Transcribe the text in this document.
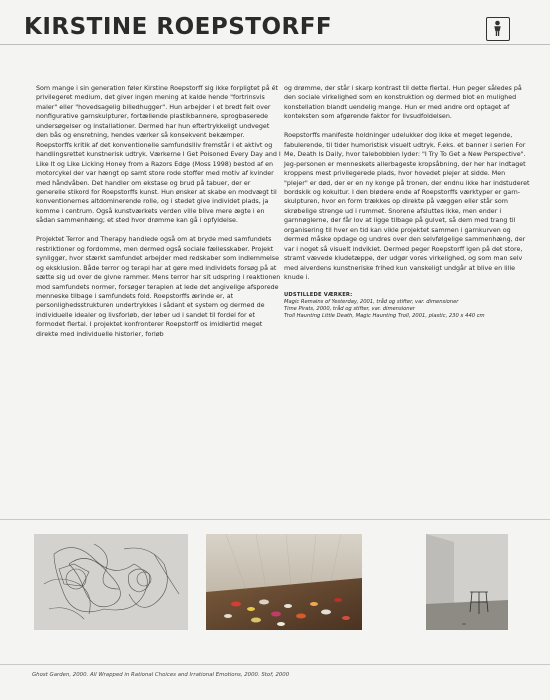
KIRSTINE ROEPSTORFF

Som mange i sin generation føler Kirstine Roepstorff sig ikke forpligtet på ét privilegeret medium, det giver ingen mening at kalde hende "fortrinsvis maler" eller "hovedsagelig billedhugger". Hun arbejder i et bredt felt over nonfigurative garnskulpturer, fortællende plastikbannere, sprogbaserede undersøgelser og installationer. Dermed har hun eftertrykkeligt undveget den bås og ensretning, hendes værker så konsekvent bekæmper. Roepstorffs kritik af det konventionelle samfundslliv fremstår i et aktivt og handlingsrettet kunstnerisk udtryk. Værkerne I Get Poisoned Every Day and I Like It og Like Licking Honey from a Razors Edge (Moss 1998) bestod af en motorcykel der var hængt op samt store rode stoffer med motiv af kvinder med håndvåben. Det handler om ekstase og brud på tabuer, der er generelle stikord for Roepstorffs kunst. Hun ønsker at skabe en modvægt til konventionernes altdominerende rolle, og i stedet give individet plads, ja komme i centrum. Også kunstværkets verden ville blive mere ægte i en sådan sammenhæng; et sted hvor drømme kan gå i opfyldelse.

Projektet Terror and Therapy handlede også om at bryde med samfundets restriktioner og fordomme, men dermed også sociale fællesskaber. Projekt synliggør, hvor stærkt samfundet arbejder med redskaber som indlemmelse og eksklusion. Både terror og terapi har at gøre med individets forsøg på at sætte sig ud over de givne rammer. Mens terror har sit udspring i reaktionen mod samfundets normer, forsøger terapien at lede det angivelige afsporede menneske tilbage i samfundets fold. Roepstorffs ærinde er, at personlighedsstrukturen undertrykkes i sådant et system og dermed de individuelle idealer og livsforløb, der løber ud i sandet til fordel for et formodet flertal. I projektet konfronterer Roepstorff os imidlertid meget direkte med individuelle historier, forløb

og drømme, der står i skarp kontrast til dette flertal. Hun peger således på den sociale virkelighed som en konstruktion og dermed blot en mulighed konstellation blandt uendelig mange. Hun er med andre ord optaget af konteksten som afgørende faktor for livsudfoldelsen.

Roepstorffs manifeste holdninger udelukker dog ikke et meget legende, fabulerende, til tider humoristisk visuelt udtryk. F.eks. et banner i serien For Me, Death Is Daily, hvor talebobblen lyder: "I Try To Get a New Perspective". Jeg-personen er menneskets allerbageste kropsåbning, der her har indtaget kroppens mest privilegerede plads, hvor hovedet plejer at sidde. Men "plejer" er død, der er en ny konge på tronen, der endnu ikke har indstuderet bordskik og kokultur. I den blødere ende af Roepstorffs værktyper er garn-skulpturen, hvor en form trækkes op direkte på væggen eller står som skrøbelige strenge ud i rummet. Snorene afsluttes ikke, men ender i garnnøglerne, der får lov at ligge tilbage på gulvet, så dem med trang til organisering til hver en tid kan vikle projektet sammen i garnkurven og dermed måske opdage og undres over den selvfølgelige sammenhæng, der var i noget så visuelt indviklet. Dermed peger Roepstorff igen på det store, stramt vævede kludetæppe, der udgør vores virkelighed, og som man selv med alverdens kunstneriske frihed kun vanskeligt undgår at blive en lille knude i.

UDSTILLEDE VÆRKER:
Magic Remains of Yesterday, 2001, tråd og stifter, var. dimensioner
Time Pirats, 2000, tråd og stifter, var. dimensioner
Troll Haunting Little Death, Magic Haunting Troll, 2001, plastic, 230 x 440 cm
Ghost Garden, 2000. All Wrapped in Rational Choices and Irrational Emotions, 2000. Stof, 2000
